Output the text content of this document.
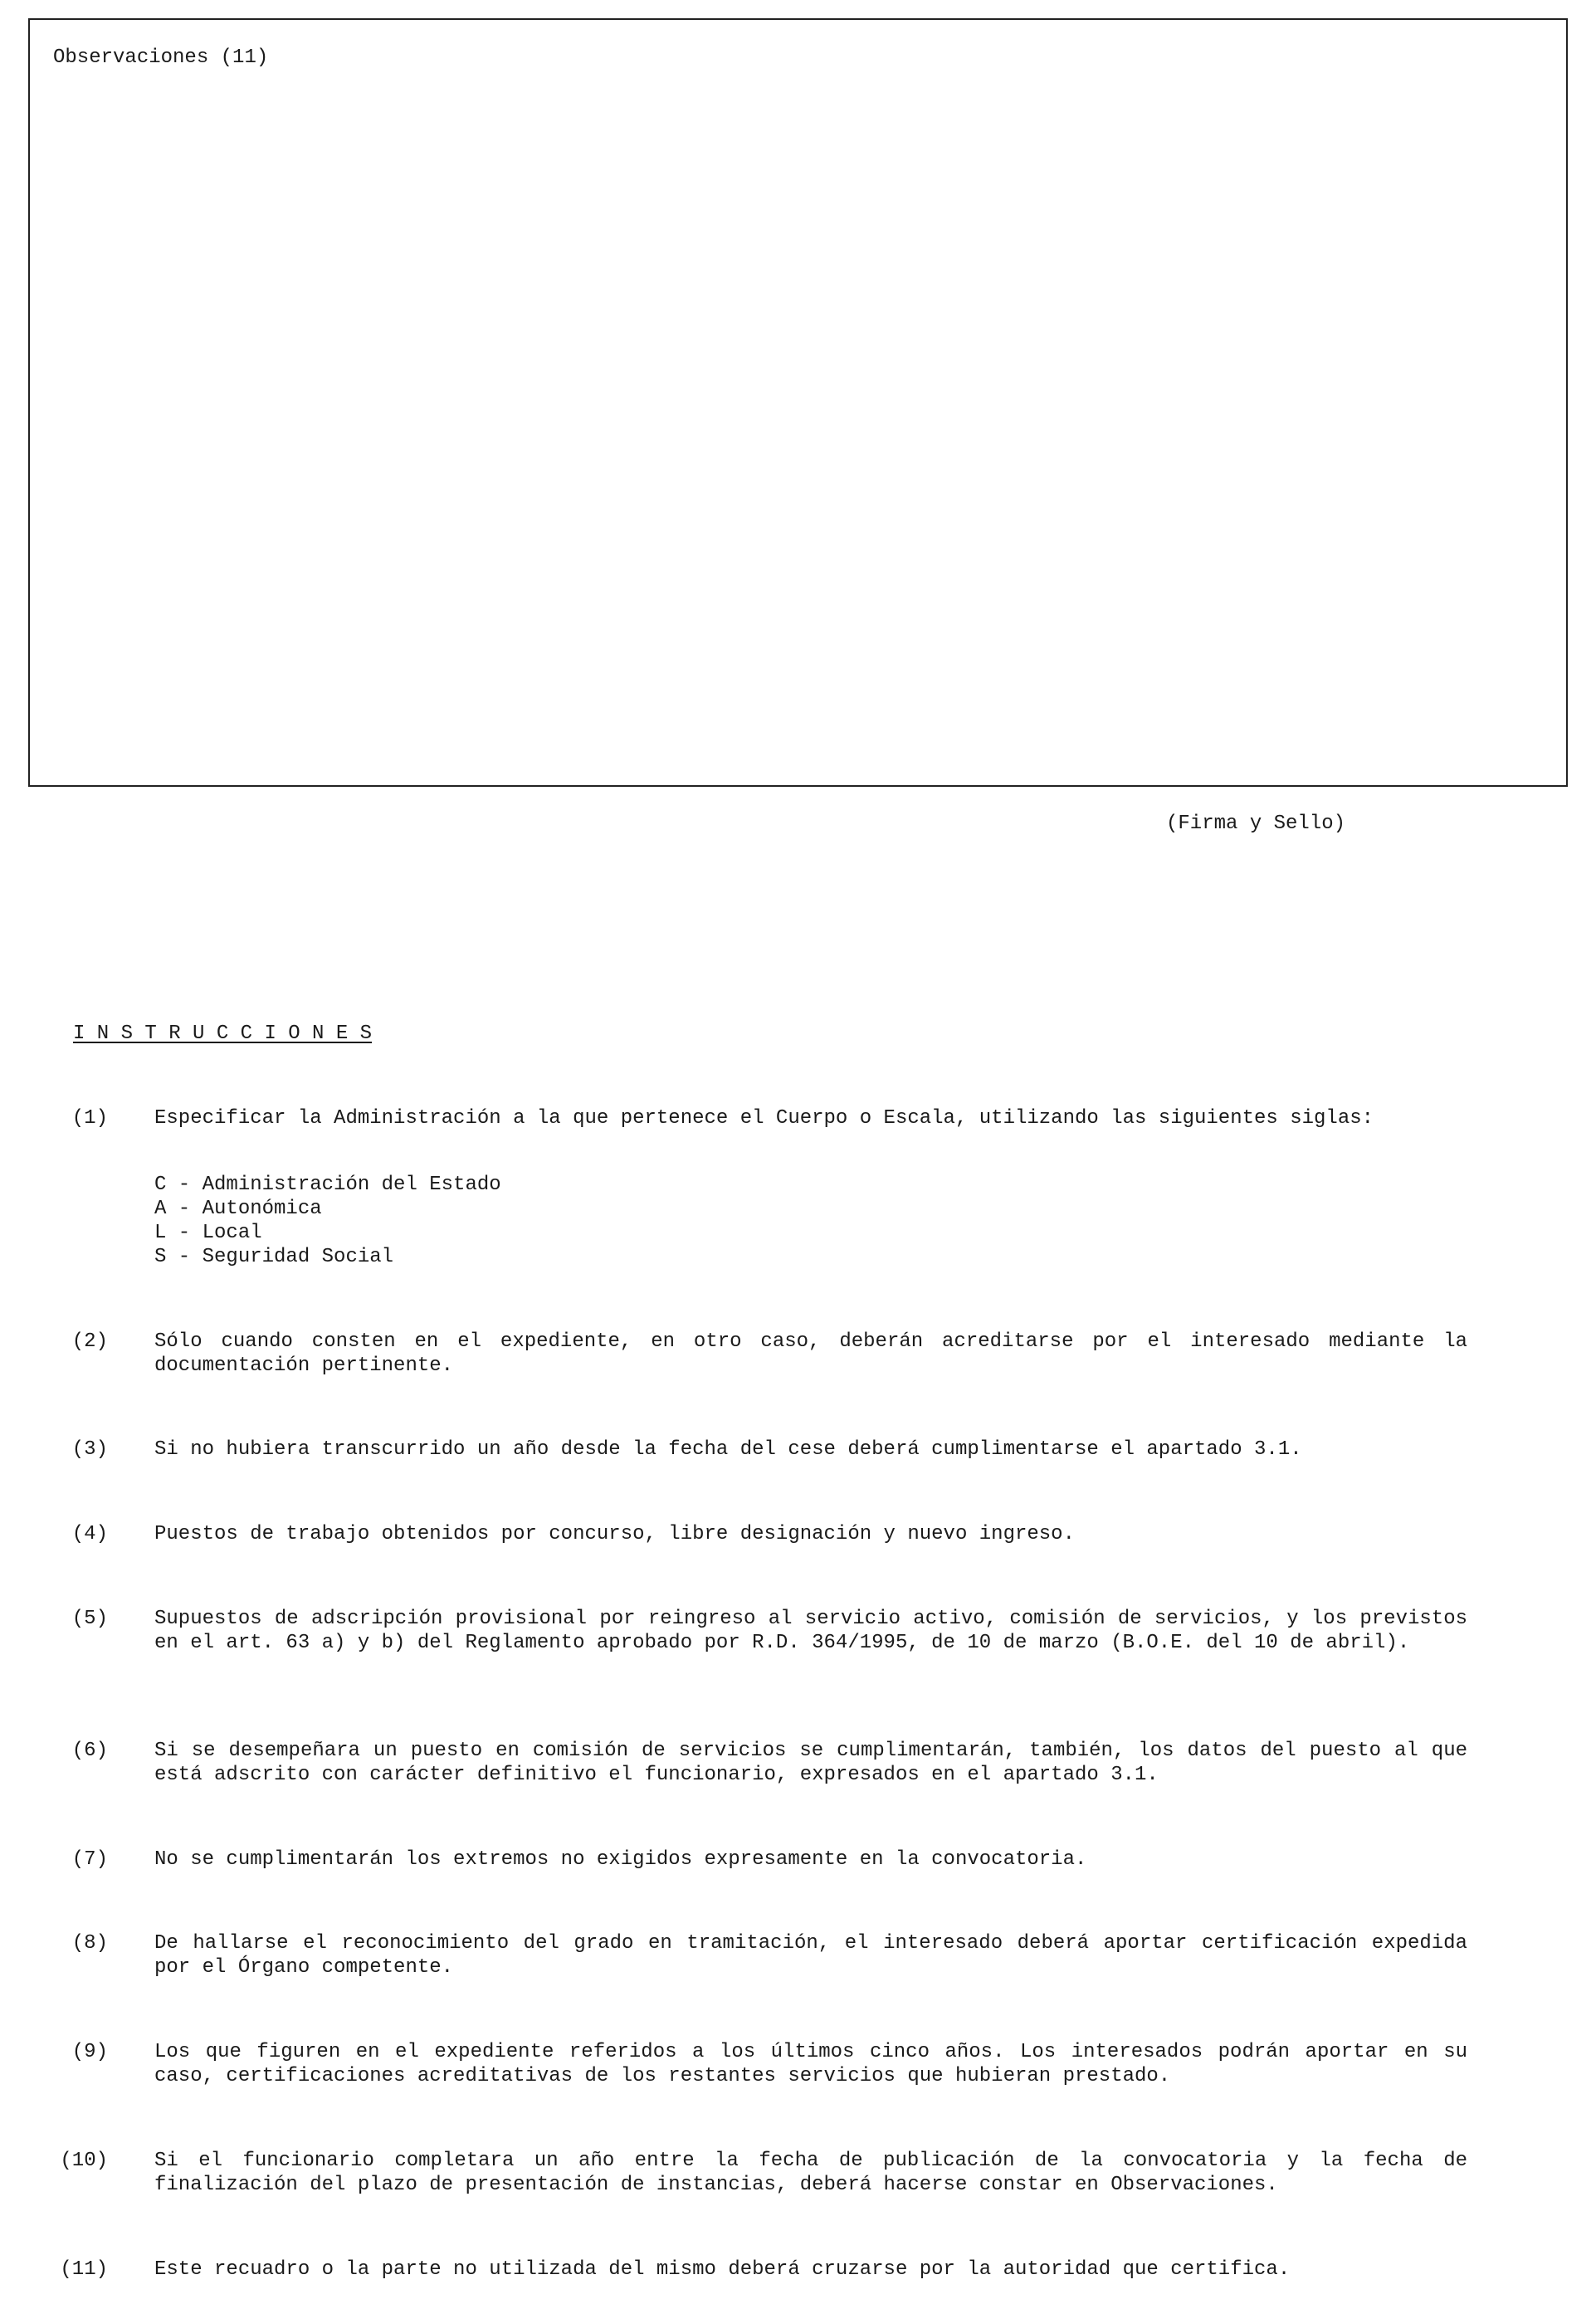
Observaciones (11)
(Firma y Sello)
I N S T R U C C I O N E S
(1) Especificar la Administración a la que pertenece el Cuerpo o Escala, utilizando las siguientes siglas:
C - Administración del Estado
A - Autonómica
L - Local
S - Seguridad Social
(2) Sólo cuando consten en el expediente, en otro caso, deberán acreditarse por el interesado mediante la documentación pertinente.
(3) Si no hubiera transcurrido un año desde la fecha del cese deberá cumplimentarse el apartado 3.1.
(4) Puestos de trabajo obtenidos por concurso, libre designación y nuevo ingreso.
(5) Supuestos de adscripción provisional por reingreso al servicio activo, comisión de servicios, y los previstos en el art. 63 a) y b) del Reglamento aprobado por R.D. 364/1995, de 10 de marzo (B.O.E. del 10 de abril).
(6) Si se desempeñara un puesto en comisión de servicios se cumplimentarán, también, los datos del puesto al que está adscrito con carácter definitivo el funcionario, expresados en el apartado 3.1.
(7) No se cumplimentarán los extremos no exigidos expresamente en la convocatoria.
(8) De hallarse el reconocimiento del grado en tramitación, el interesado deberá aportar certificación expedida por el Órgano competente.
(9) Los que figuren en el expediente referidos a los últimos cinco años. Los interesados podrán aportar en su caso, certificaciones acreditativas de los restantes servicios que hubieran prestado.
(10) Si el funcionario completara un año entre la fecha de publicación de la convocatoria y la fecha de finalización del plazo de presentación de instancias, deberá hacerse constar en Observaciones.
(11) Este recuadro o la parte no utilizada del mismo deberá cruzarse por la autoridad que certifica.
